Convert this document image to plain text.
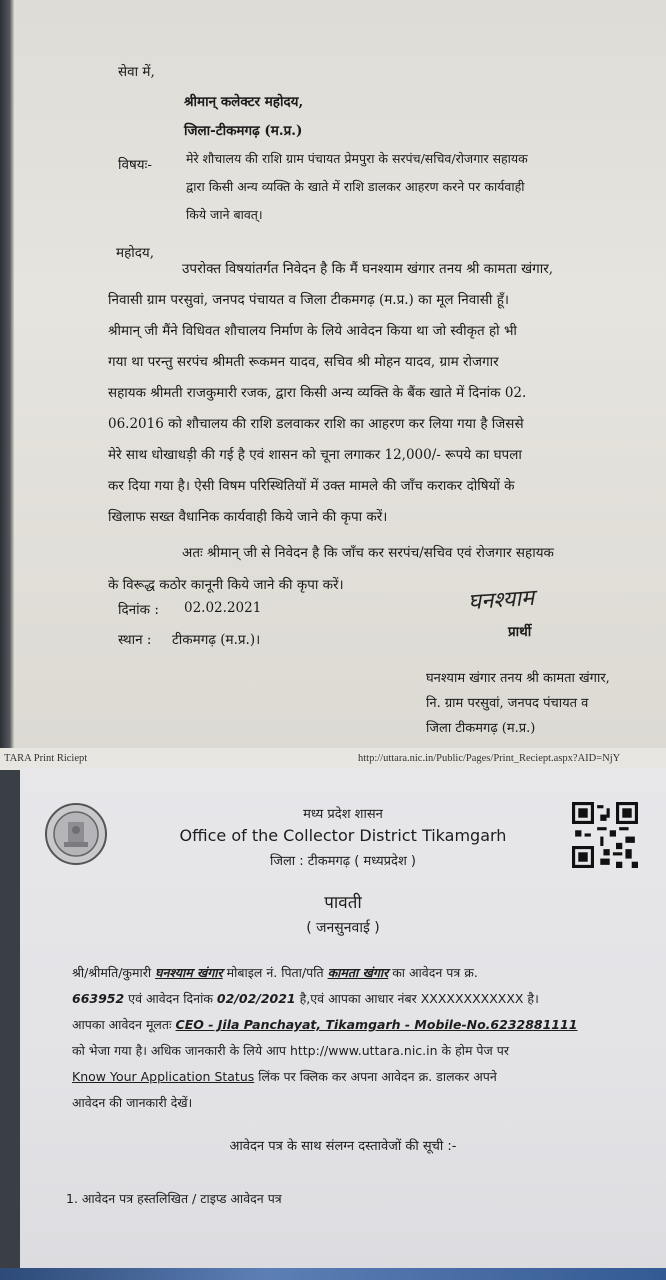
सेवा में,
श्रीमान् कलेक्टर महोदय,
जिला-टीकमगढ़ (म.प्र.)
विषयः-	मेरे शौचालय की राशि ग्राम पंचायत प्रेमपुरा के सरपंच/सचिव/रोजगार सहायक
द्वारा किसी अन्य व्यक्ति के खाते में राशि डालकर आहरण करने पर कार्यवाही
किये जाने बावत्।
महोदय,
उपरोक्त विषयांतर्गत निवेदन है कि मैं घनश्याम खंगार तनय श्री कामता खंगार,
निवासी ग्राम परसुवां, जनपद पंचायत व जिला टीकमगढ़ (म.प्र.) का मूल निवासी हूँ।
श्रीमान् जी मैंने विधिवत शौचालय निर्माण के लिये आवेदन किया था जो स्वीकृत हो भी
गया था परन्तु सरपंच श्रीमती रूकमन यादव, सचिव श्री मोहन यादव, ग्राम रोजगार
सहायक श्रीमती राजकुमारी रजक, द्वारा किसी अन्य व्यक्ति के बैंक खाते में दिनांक 02.
06.2016 को शौचालय की राशि डलवाकर राशि का आहरण कर लिया गया है जिससे
मेरे साथ धोखाधड़ी की गई है एवं शासन को चूना लगाकर 12,000/- रूपये का घपला
कर दिया गया है। ऐसी विषम परिस्थितियों में उक्त मामले की जाँच कराकर दोषियों के
खिलाफ सख्त वैधानिक कार्यवाही किये जाने की कृपा करें।
अतः श्रीमान् जी से निवेदन है कि जाँच कर सरपंच/सचिव एवं रोजगार सहायक
के विरूद्ध कठोर कानूनी किये जाने की कृपा करें।
दिनांक : 02.02.2021
स्थान : टीकमगढ़ (म.प्र.)।
घनश्याम
प्रार्थी
घनश्याम खंगार तनय श्री कामता खंगार,
नि. ग्राम परसुवां, जनपद पंचायत व
जिला टीकमगढ़ (म.प्र.)
TARA Print Riciept	http://uttara.nic.in/Public/Pages/Print_Reciept.aspx?AID=NjY
मध्य प्रदेश शासन
Office of the Collector District Tikamgarh
जिला : टीकमगढ़ ( मध्यप्रदेश )
पावती
( जनसुनवाई )
श्री/श्रीमति/कुमारी घनश्याम खंगार मोबाइल नं. पिता/पति कामता खंगार का आवेदन पत्र क्र.
663952 एवं आवेदन दिनांक 02/02/2021 है,एवं आपका आधार नंबर XXXXXXXXXXXX है।
आपका आवेदन मूलतः CEO - Jila Panchayat, Tikamgarh - Mobile-No.6232881111
को भेजा गया है। अधिक जानकारी के लिये आप http://www.uttara.nic.in के होम पेज पर
Know Your Application Status लिंक पर क्लिक कर अपना आवेदन क्र. डालकर अपने
आवेदन की जानकारी देखें।
आवेदन पत्र के साथ संलग्न दस्तावेजों की सूची :-
1. आवेदन पत्र हस्तलिखित / टाइप्ड आवेदन पत्र
